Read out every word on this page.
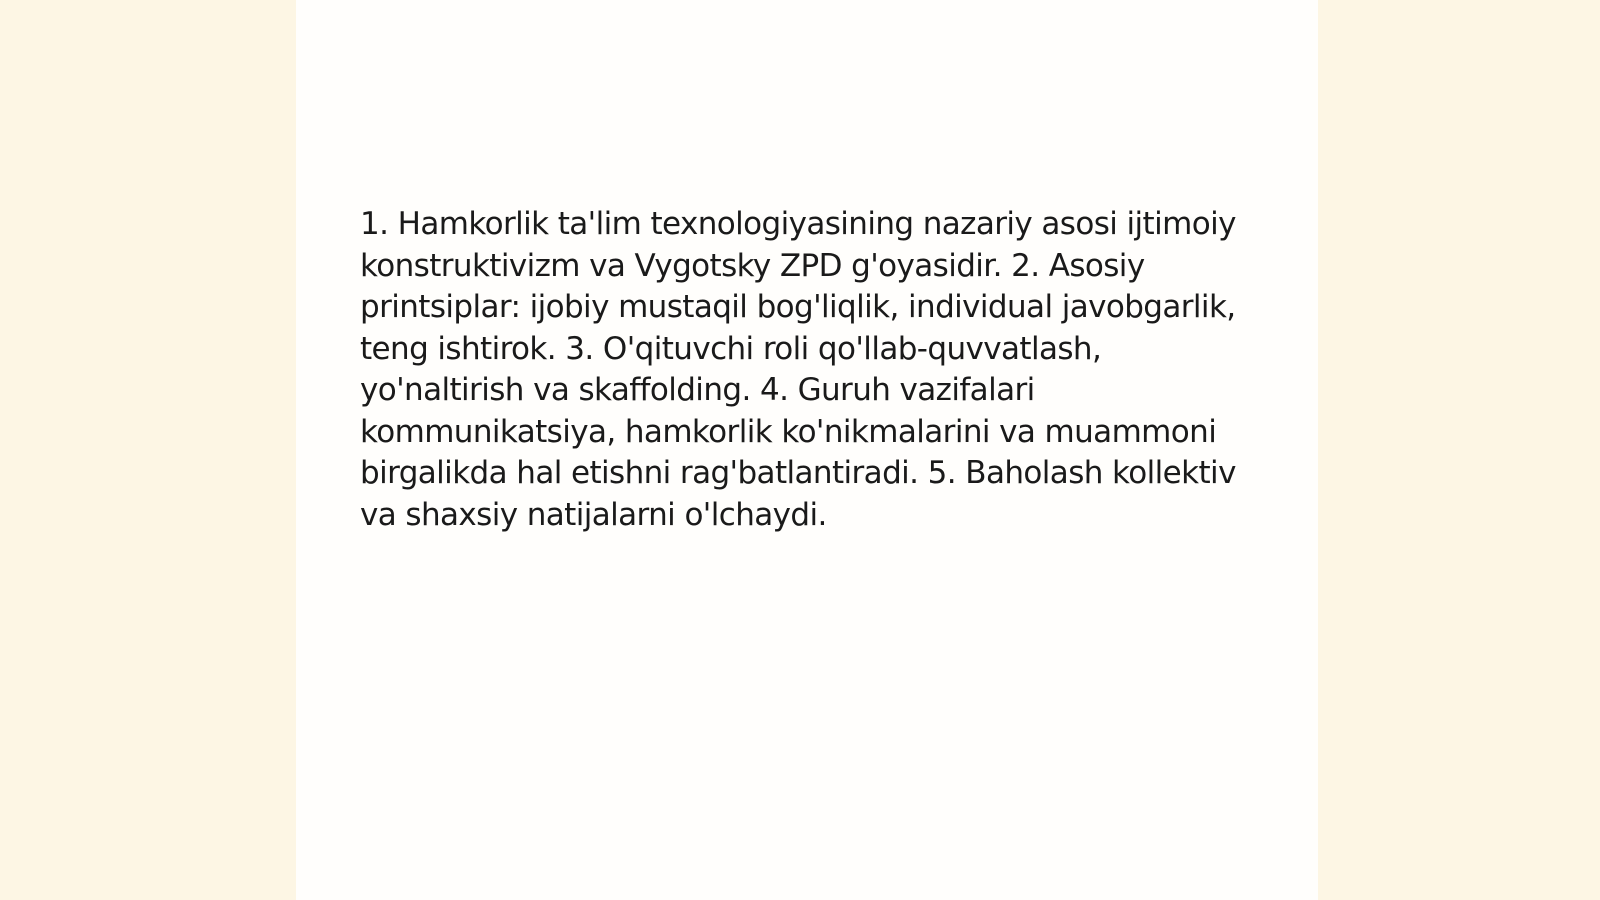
1. Hamkorlik ta'lim texnologiyasining nazariy asosi ijtimoiy konstruktivizm va Vygotsky ZPD g'oyasidir. 2. Asosiy printsiplar: ijobiy mustaqil bog'liqlik, individual javobgarlik, teng ishtirok. 3. O'qituvchi roli qo'llab-quvvatlash, yo'naltirish va skaffolding. 4. Guruh vazifalari kommunikatsiya, hamkorlik ko'nikmalarini va muammoni birgalikda hal etishni rag'batlantiradi. 5. Baholash kollektiv va shaxsiy natijalarni o'lchaydi.
